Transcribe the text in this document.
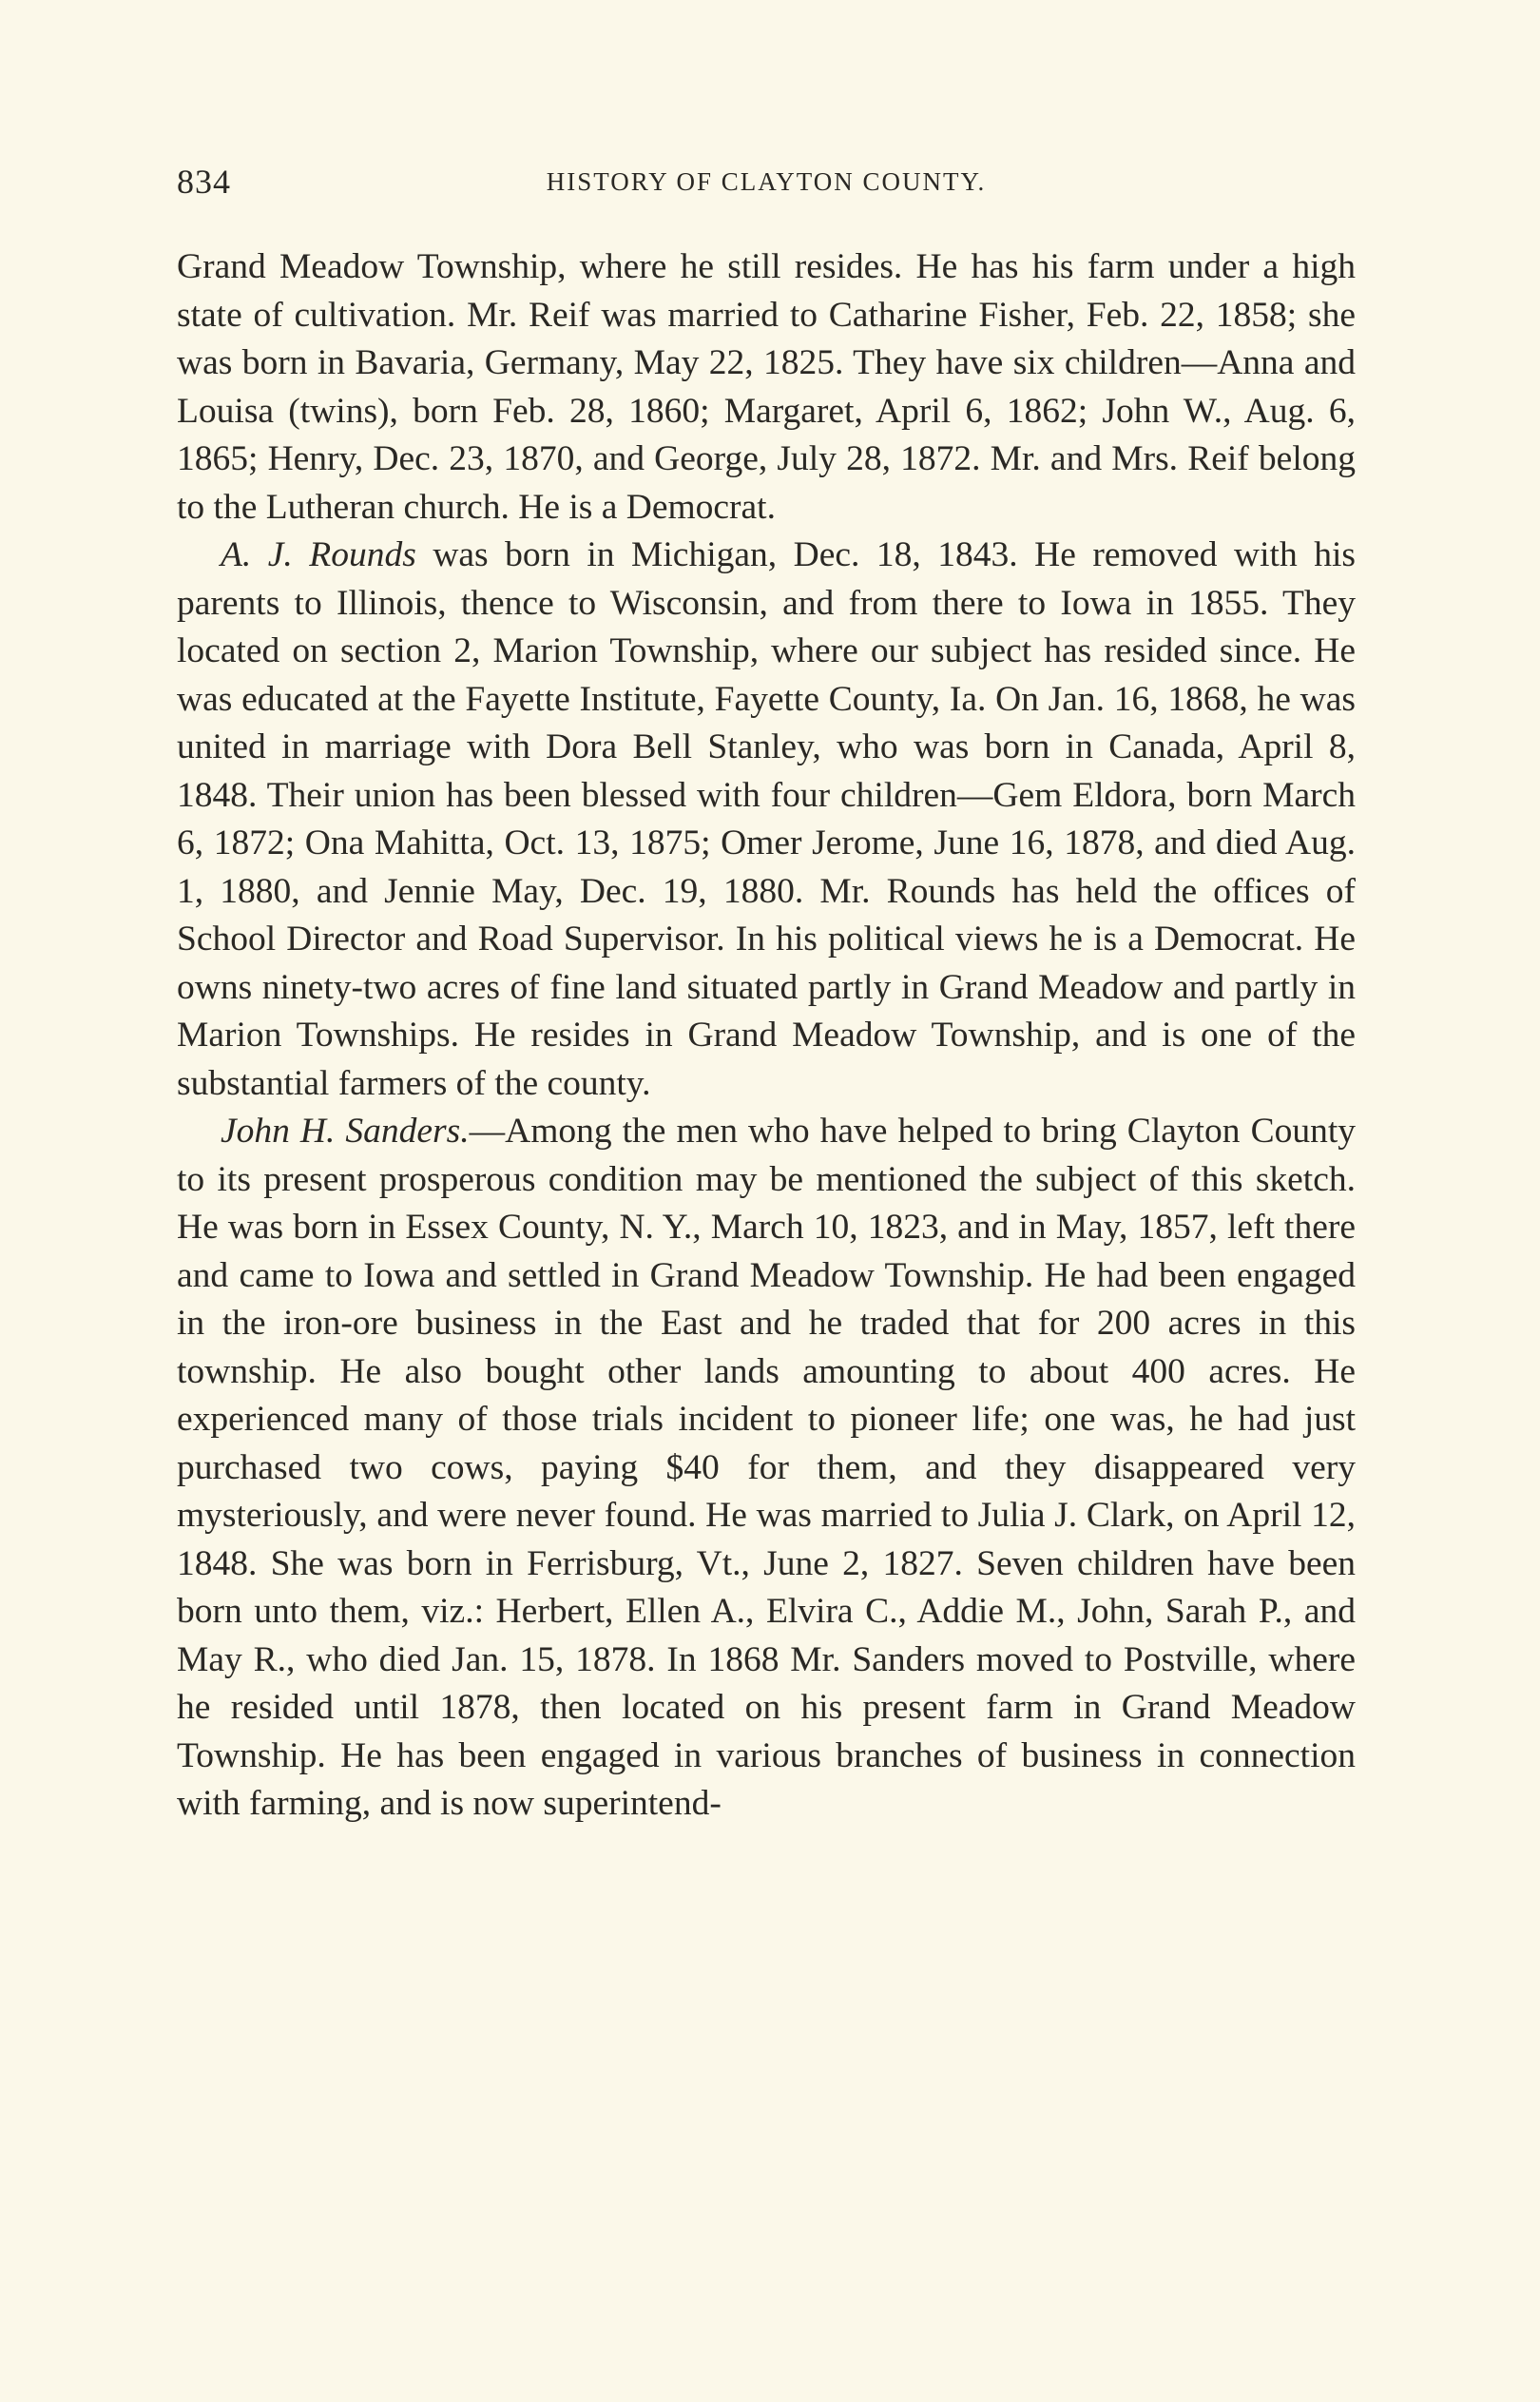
834	HISTORY OF CLAYTON COUNTY.

Grand Meadow Township, where he still resides. He has his farm under a high state of cultivation. Mr. Reif was married to Catharine Fisher, Feb. 22, 1858; she was born in Bavaria, Germany, May 22, 1825. They have six children—Anna and Louisa (twins), born Feb. 28, 1860; Margaret, April 6, 1862; John W., Aug. 6, 1865; Henry, Dec. 23, 1870, and George, July 28, 1872. Mr. and Mrs. Reif belong to the Lutheran church. He is a Democrat.

A. J. Rounds was born in Michigan, Dec. 18, 1843. He removed with his parents to Illinois, thence to Wisconsin, and from there to Iowa in 1855. They located on section 2, Marion Township, where our subject has resided since. He was educated at the Fayette Institute, Fayette County, Ia. On Jan. 16, 1868, he was united in marriage with Dora Bell Stanley, who was born in Canada, April 8, 1848. Their union has been blessed with four children—Gem Eldora, born March 6, 1872; Ona Mahitta, Oct. 13, 1875; Omer Jerome, June 16, 1878, and died Aug. 1, 1880, and Jennie May, Dec. 19, 1880. Mr. Rounds has held the offices of School Director and Road Supervisor. In his political views he is a Democrat. He owns ninety-two acres of fine land situated partly in Grand Meadow and partly in Marion Townships. He resides in Grand Meadow Township, and is one of the substantial farmers of the county.

John H. Sanders.—Among the men who have helped to bring Clayton County to its present prosperous condition may be mentioned the subject of this sketch. He was born in Essex County, N. Y., March 10, 1823, and in May, 1857, left there and came to Iowa and settled in Grand Meadow Township. He had been engaged in the iron-ore business in the East and he traded that for 200 acres in this township. He also bought other lands amounting to about 400 acres. He experienced many of those trials incident to pioneer life; one was, he had just purchased two cows, paying $40 for them, and they disappeared very mysteriously, and were never found. He was married to Julia J. Clark, on April 12, 1848. She was born in Ferrisburg, Vt., June 2, 1827. Seven children have been born unto them, viz.: Herbert, Ellen A., Elvira C., Addie M., John, Sarah P., and May R., who died Jan. 15, 1878. In 1868 Mr. Sanders moved to Postville, where he resided until 1878, then located on his present farm in Grand Meadow Township. He has been engaged in various branches of business in connection with farming, and is now superintend-
